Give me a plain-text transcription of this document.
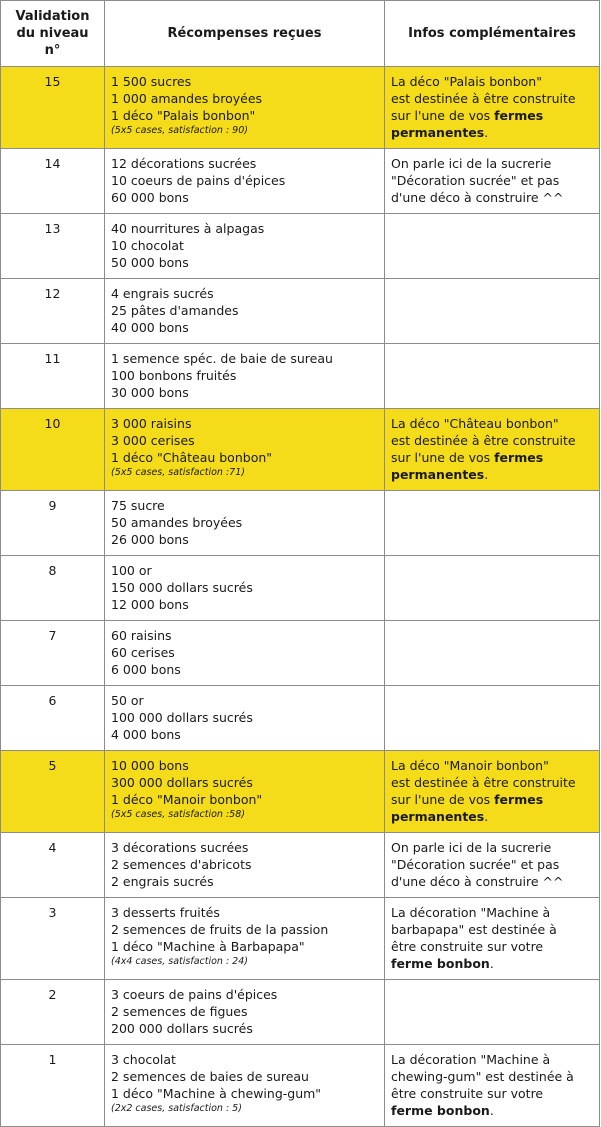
Validation
du niveau
n°	Récompenses reçues	Infos complémentaires
15	1 500 sucres
1 000 amandes broyées
1 déco "Palais bonbon"
(5x5 cases, satisfaction : 90)	La déco "Palais bonbon"
est destinée à être construite
sur l'une de vos fermes
permanentes.

14	12 décorations sucrées
10 coeurs de pains d'épices
60 000 bons	On parle ici de la sucrerie
"Décoration sucrée" et pas
d'une déco à construire ^^

13	40 nourritures à alpagas
10 chocolat
50 000 bons	

12	4 engrais sucrés
25 pâtes d'amandes
40 000 bons	

11	1 semence spéc. de baie de sureau
100 bonbons fruités
30 000 bons	

10	3 000 raisins
3 000 cerises
1 déco "Château bonbon"
(5x5 cases, satisfaction :71)	La déco "Château bonbon"
est destinée à être construite
sur l'une de vos fermes
permanentes.

9	75 sucre
50 amandes broyées
26 000 bons	

8	100 or
150 000 dollars sucrés
12 000 bons	

7	60 raisins
60 cerises
6 000 bons	

6	50 or
100 000 dollars sucrés
4 000 bons	

5	10 000 bons
300 000 dollars sucrés
1 déco "Manoir bonbon"
(5x5 cases, satisfaction :58)	La déco "Manoir bonbon"
est destinée à être construite
sur l'une de vos fermes
permanentes.

4	3 décorations sucrées
2 semences d'abricots
2 engrais sucrés	On parle ici de la sucrerie
"Décoration sucrée" et pas
d'une déco à construire ^^

3	3 desserts fruités
2 semences de fruits de la passion
1 déco "Machine à Barbapapa"
(4x4 cases, satisfaction : 24)	La décoration "Machine à
barbapapa" est destinée à
être construite sur votre
ferme bonbon.

2	3 coeurs de pains d'épices
2 semences de figues
200 000 dollars sucrés	

1	3 chocolat
2 semences de baies de sureau
1 déco "Machine à chewing-gum"
(2x2 cases, satisfaction : 5)	La décoration "Machine à
chewing-gum" est destinée à
être construite sur votre
ferme bonbon.
